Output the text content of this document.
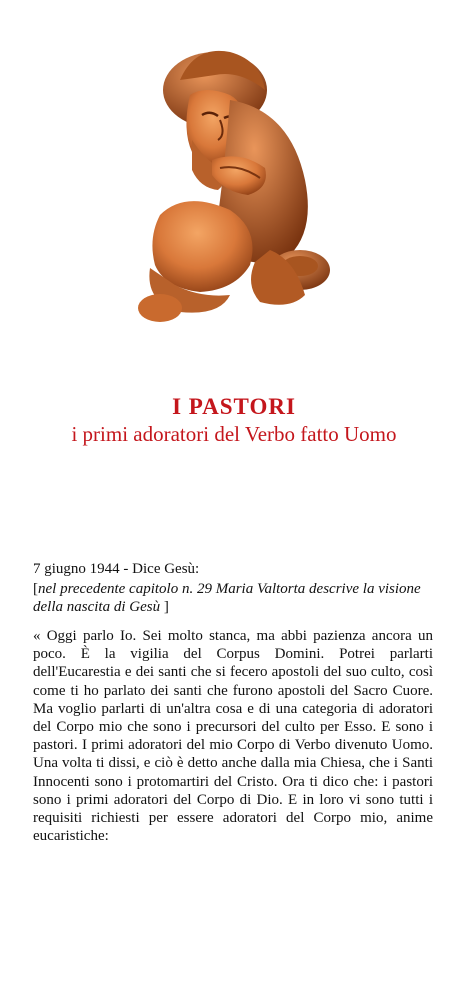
I PASTORI
i primi adoratori del Verbo fatto Uomo
7 giugno 1944 - Dice Gesù:
[nel precedente capitolo n. 29 Maria Valtorta descrive la visione della nascita di Gesù ]
« Oggi parlo Io. Sei molto stanca, ma abbi pazienza ancora un poco. È la vigilia del Corpus Domini. Potrei parlarti dell'Eucarestia e dei santi che si fecero apostoli del suo culto, così come ti ho parlato dei santi che furono apostoli del Sacro Cuore. Ma voglio parlarti di un'altra cosa e di una categoria di adoratori del Corpo mio che sono i precursori del culto per Esso. E sono i pastori. I primi adoratori del mio Corpo di Verbo divenuto Uomo. Una volta ti dissi, e ciò è detto anche dalla mia Chiesa, che i Santi Innocenti sono i protomartiri del Cristo. Ora ti dico che: i pastori sono i primi adoratori del Corpo di Dio. E in loro vi sono tutti i requisiti richiesti per essere adoratori del Corpo mio, anime eucaristiche:
